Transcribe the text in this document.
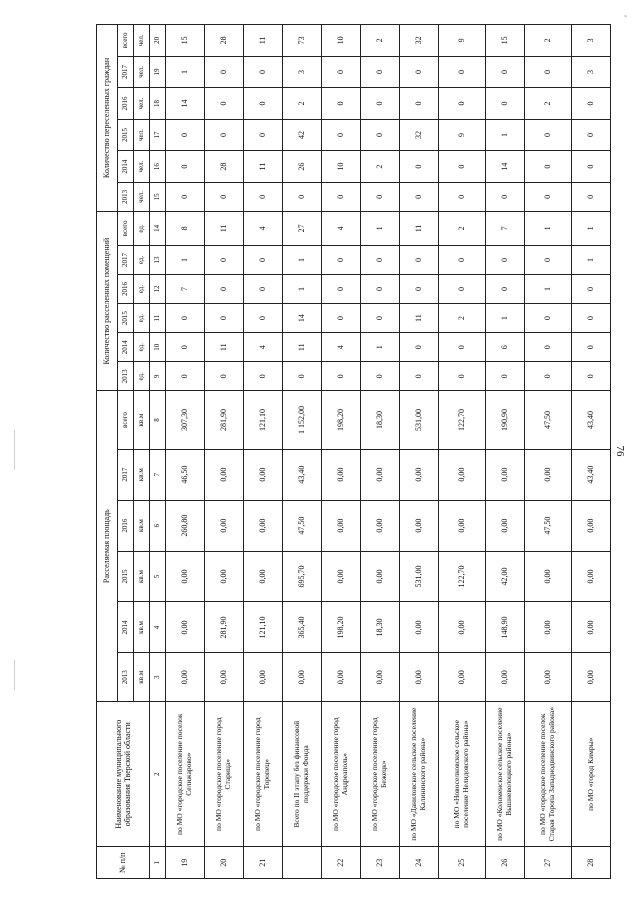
76
*
№ п/п	Наименование муниципального образования Тверской области	Расселяемая площадь						Количество расселенных помещений						Количество переселенных граждан					
		2013	2014	2015	2016	2017	всего	2013	2014	2015	2016	2017	всего	2013	2014	2015	2016	2017	всего
		кв.м	кв.м	кв.м	кв.м	кв.м	кв.м	ед.	ед.	ед.	ед.	ед.	ед.	чел.	чел.	чел.	чел.	чел.	чел.
1	2	3	4	5	6	7	8	9	10	11	12	13	14	15	16	17	18	19	20
19	по МО «городское поселение поселок Селижарово»	0,00	0,00	0,00	260,80	46,50	307,30	0	0	0	7	1	8	0	0	0	14	1	15
20	по МО «городское поселение город Старица»	0,00	281,90	0,00	0,00	0,00	281,90	0	11	0	0	0	11	0	28	0	0	0	28
21	по МО «городское поселение город Торопец»	0,00	121,10	0,00	0,00	0,00	121,10	0	4	0	0	0	4	0	11	0	0	0	11
	Всего по II этапу без финансовой поддержки Фонда	0,00	365,40	695,70	47,50	43,40	1 152,00	0	11	14	1	1	27	0	26	42	2	3	73
22	по МО «городское поселение город Андреаполь»	0,00	198,20	0,00	0,00	0,00	198,20	0	4	0	0	0	4	0	10	0	0	0	10
23	по МО «городское поселение город Бежецк»	0,00	18,30	0,00	0,00	0,00	18,30	0	1	0	0	0	1	0	2	0	0	0	2
24	по МО «Даниловское сельское поселение Калининского района»	0,00	0,00	531,00	0,00	0,00	531,00	0	0	11	0	0	11	0	0	32	0	0	32
25	по МО «Новоселковское сельское поселение Нелидовского района»	0,00	0,00	122,70	0,00	0,00	122,70	0	0	2	0	0	2	0	0	9	0	0	9
26	по МО «Коломенское сельское поселение Вышневолоцкого района»	0,00	148,90	42,00	0,00	0,00	190,90	0	6	1	0	0	7	0	14	1	0	0	15
27	по МО «городское поселение поселок Старая Торопа Западнодвинского района»	0,00	0,00	0,00	47,50	0,00	47,50	0	0	0	1	0	1	0	0	0	2	0	2
28	по МО «город Кимры»	0,00	0,00	0,00	0,00	43,40	43,40	0	0	0	0	1	1	0	0	0	0	3	3
